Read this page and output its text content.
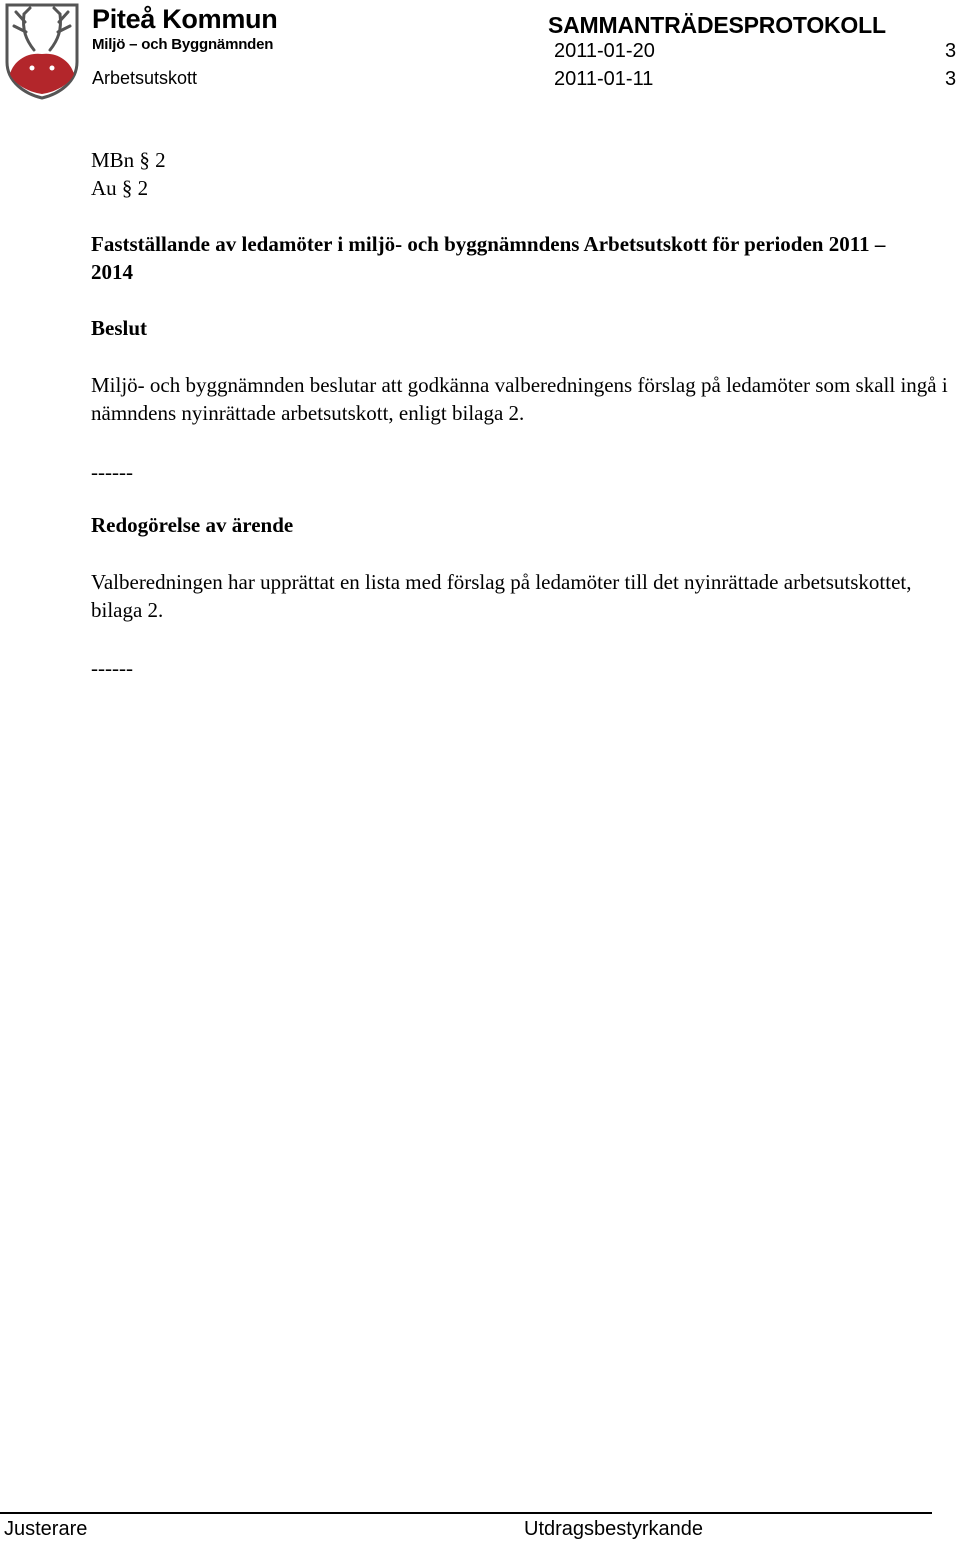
Piteå Kommun
Miljö – och Byggnämnden
Arbetsutskott
SAMMANTRÄDESPROTOKOLL
2011-01-20	3
2011-01-11	3
MBn § 2
Au § 2
Fastställande av ledamöter i miljö- och byggnämndens Arbetsutskott för perioden 2011 – 2014
Beslut
Miljö- och byggnämnden beslutar att godkänna valberedningens förslag på ledamöter som skall ingå i nämndens nyinrättade arbetsutskott, enligt bilaga 2.
------
Redogörelse av ärende
Valberedningen har upprättat en lista med förslag på ledamöter till det nyinrättade arbetsutskottet, bilaga 2.
------
Justerare	Utdragsbestyrkande
